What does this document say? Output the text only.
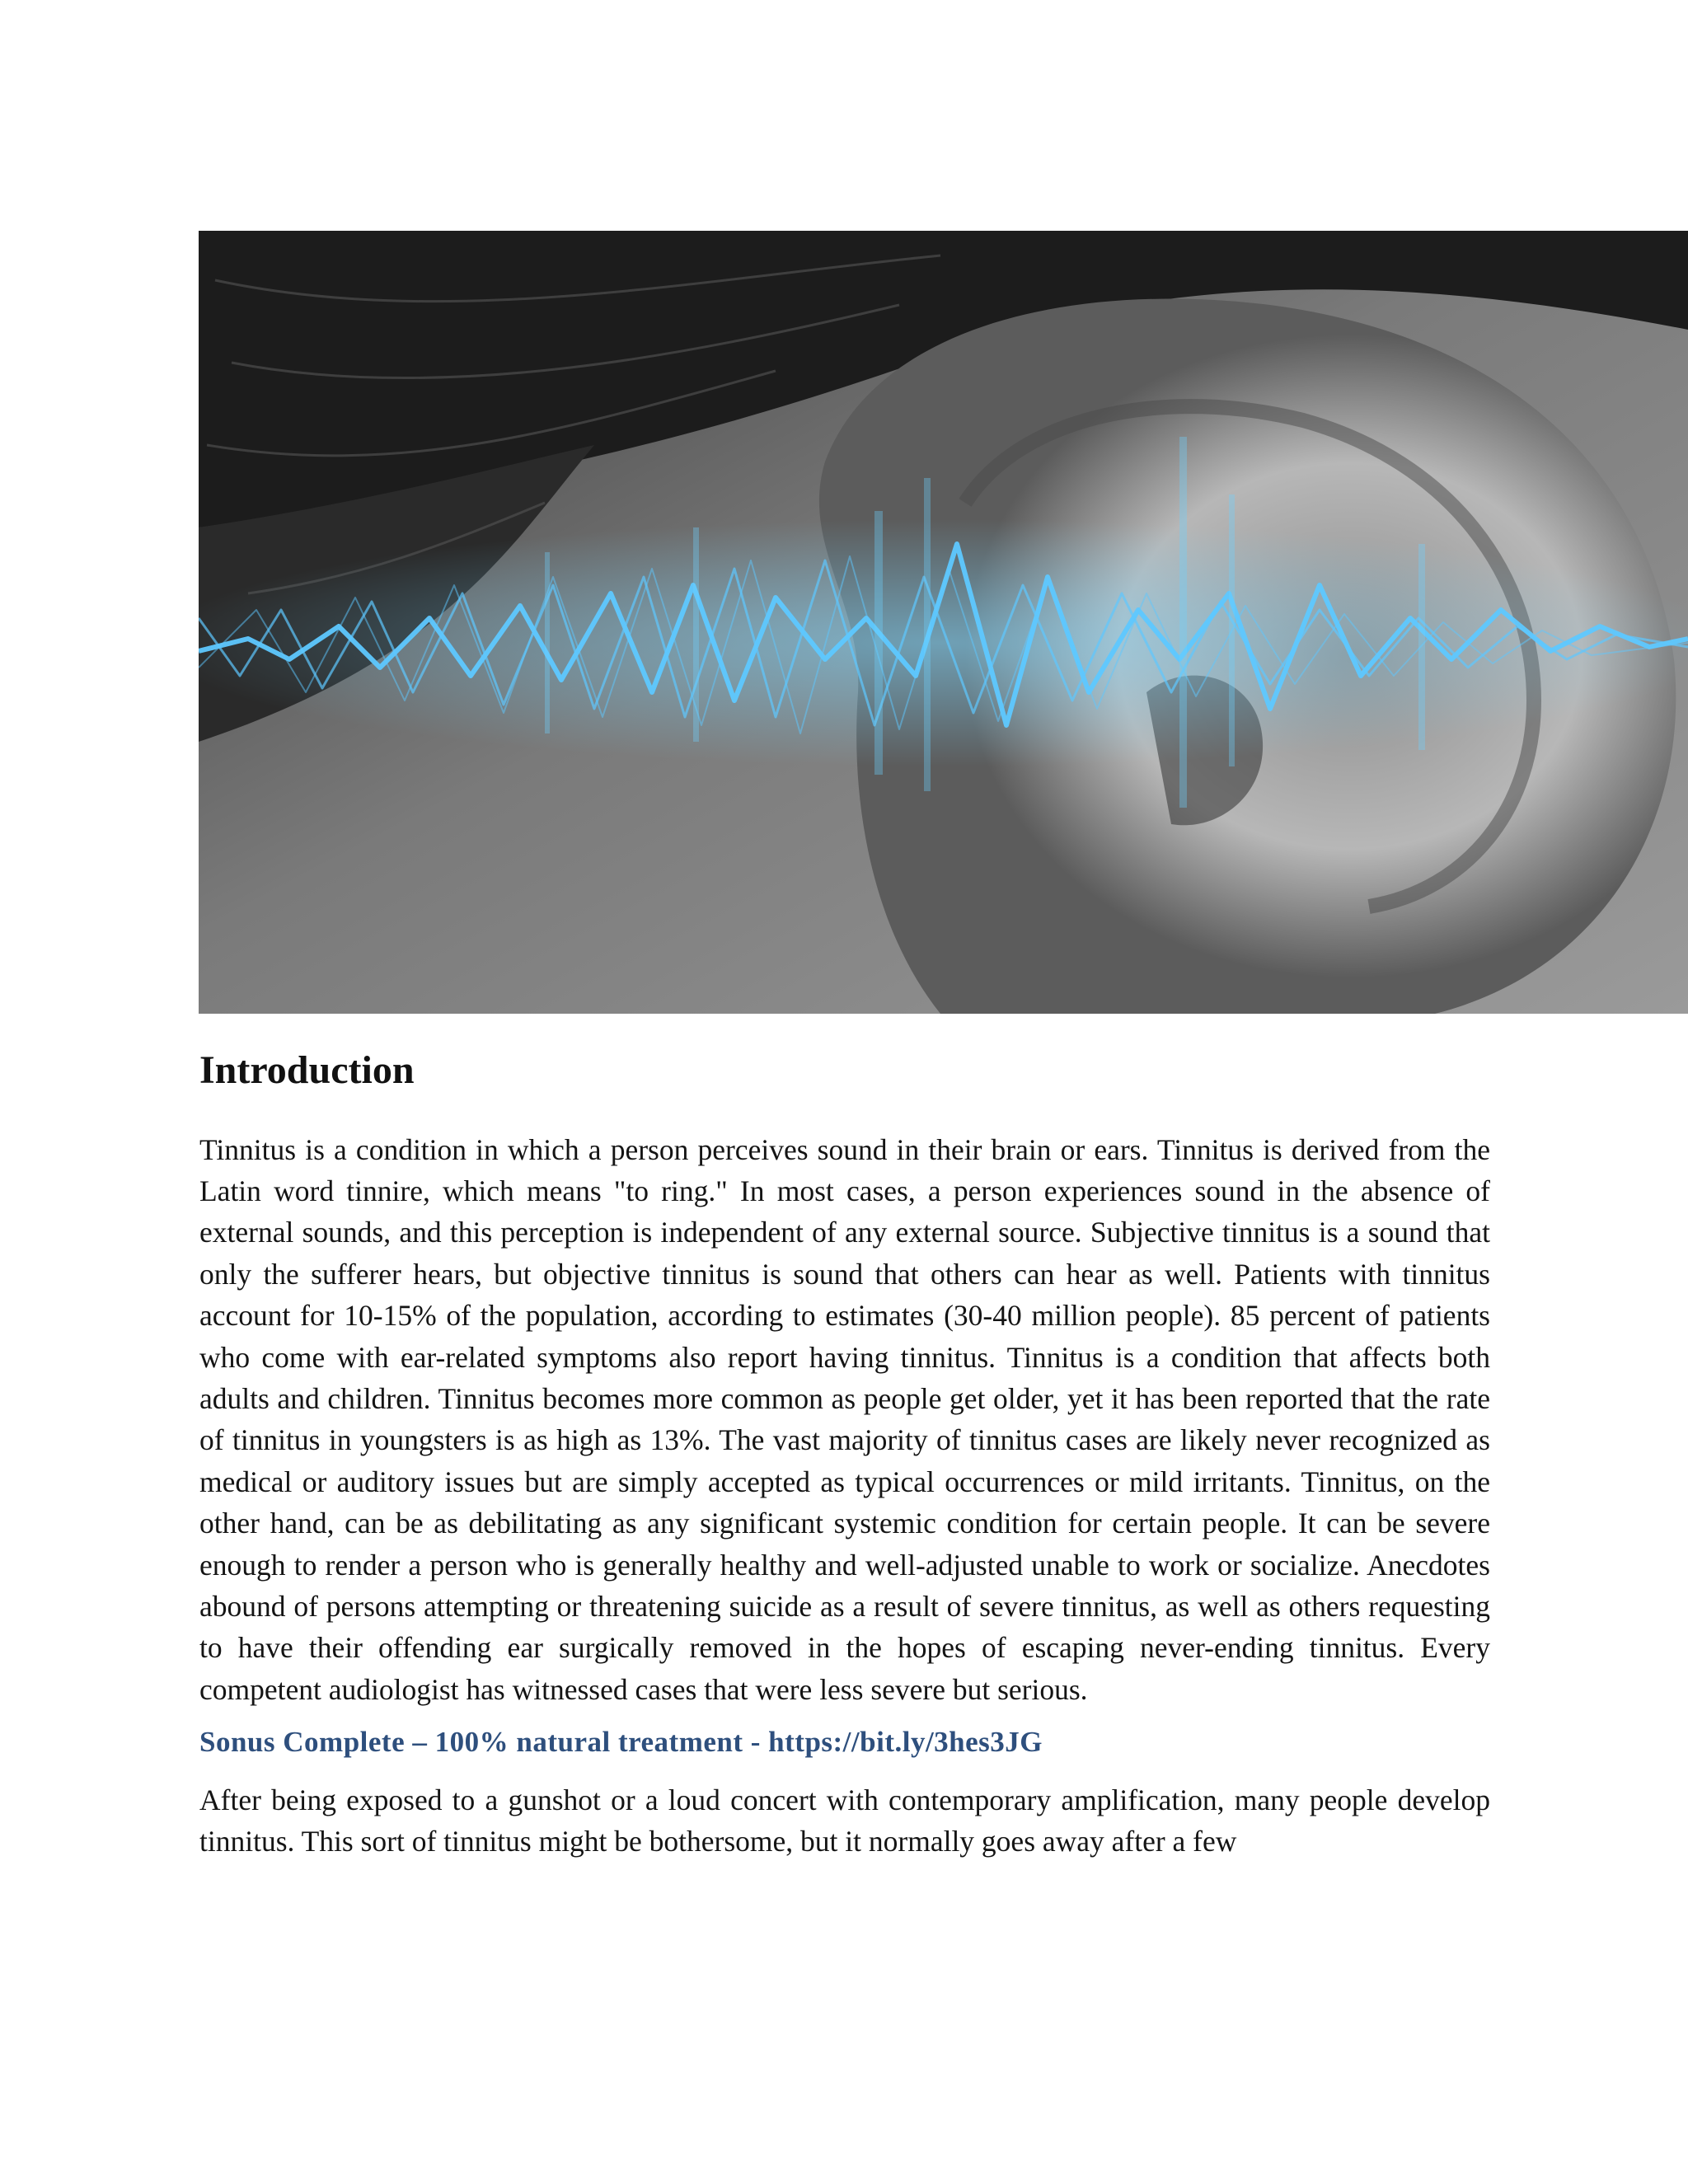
Introduction

Tinnitus is a condition in which a person perceives sound in their brain or ears. Tinnitus is derived from the Latin word tinnire, which means "to ring." In most cases, a person experiences sound in the absence of external sounds, and this perception is independent of any external source. Subjective tinnitus is a sound that only the sufferer hears, but objective tinnitus is sound that others can hear as well. Patients with tinnitus account for 10-15% of the population, according to estimates (30-40 million people). 85 percent of patients who come with ear-related symptoms also report having tinnitus. Tinnitus is a condition that affects both adults and children. Tinnitus becomes more common as people get older, yet it has been reported that the rate of tinnitus in youngsters is as high as 13%. The vast majority of tinnitus cases are likely never recognized as medical or auditory issues but are simply accepted as typical occurrences or mild irritants. Tinnitus, on the other hand, can be as debilitating as any significant systemic condition for certain people. It can be severe enough to render a person who is generally healthy and well-adjusted unable to work or socialize. Anecdotes abound of persons attempting or threatening suicide as a result of severe tinnitus, as well as others requesting to have their offending ear surgically removed in the hopes of escaping never-ending tinnitus. Every competent audiologist has witnessed cases that were less severe but serious.

Sonus Complete – 100% natural treatment - https://bit.ly/3hes3JG

After being exposed to a gunshot or a loud concert with contemporary amplification, many people develop tinnitus. This sort of tinnitus might be bothersome, but it normally goes away after a few
